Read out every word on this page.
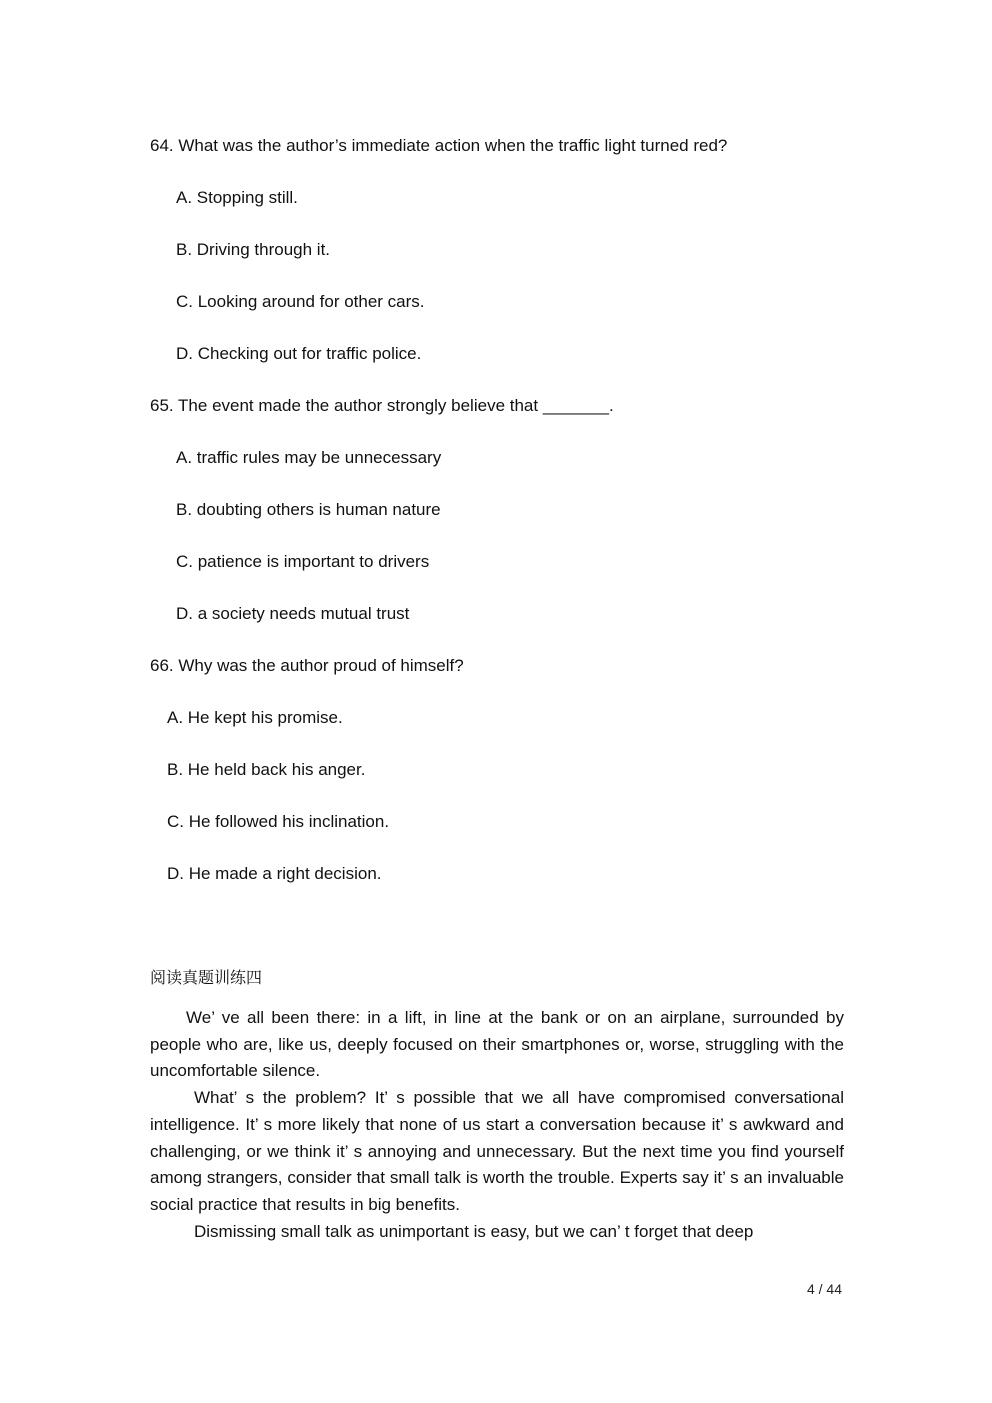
64. What was the author’s immediate action when the traffic light turned red?
A. Stopping still.
B. Driving through it.
C. Looking around for other cars.
D. Checking out for traffic police.
65. The event made the author strongly believe that _______.
A. traffic rules may be unnecessary
B. doubting others is human nature
C. patience is important to drivers
D. a society needs mutual trust
66. Why was the author proud of himself?
A. He kept his promise.
B. He held back his anger.
C. He followed his inclination.
D. He made a right decision.
阅读真题训练四

We’ ve all been there: in a lift, in line at the bank or on an airplane, surrounded by people who are, like us, deeply focused on their smartphones or, worse, struggling with the uncomfortable silence.

What’ s the problem? It’ s possible that we all have compromised conversational intelligence. It’ s more likely that none of us start a conversation because it’ s awkward and challenging, or we think it’ s annoying and unnecessary. But the next time you find yourself among strangers, consider that small talk is worth the trouble. Experts say it’ s an invaluable social practice that results in big benefits.

Dismissing small talk as unimportant is easy, but we can’ t forget that deep

4 / 44
